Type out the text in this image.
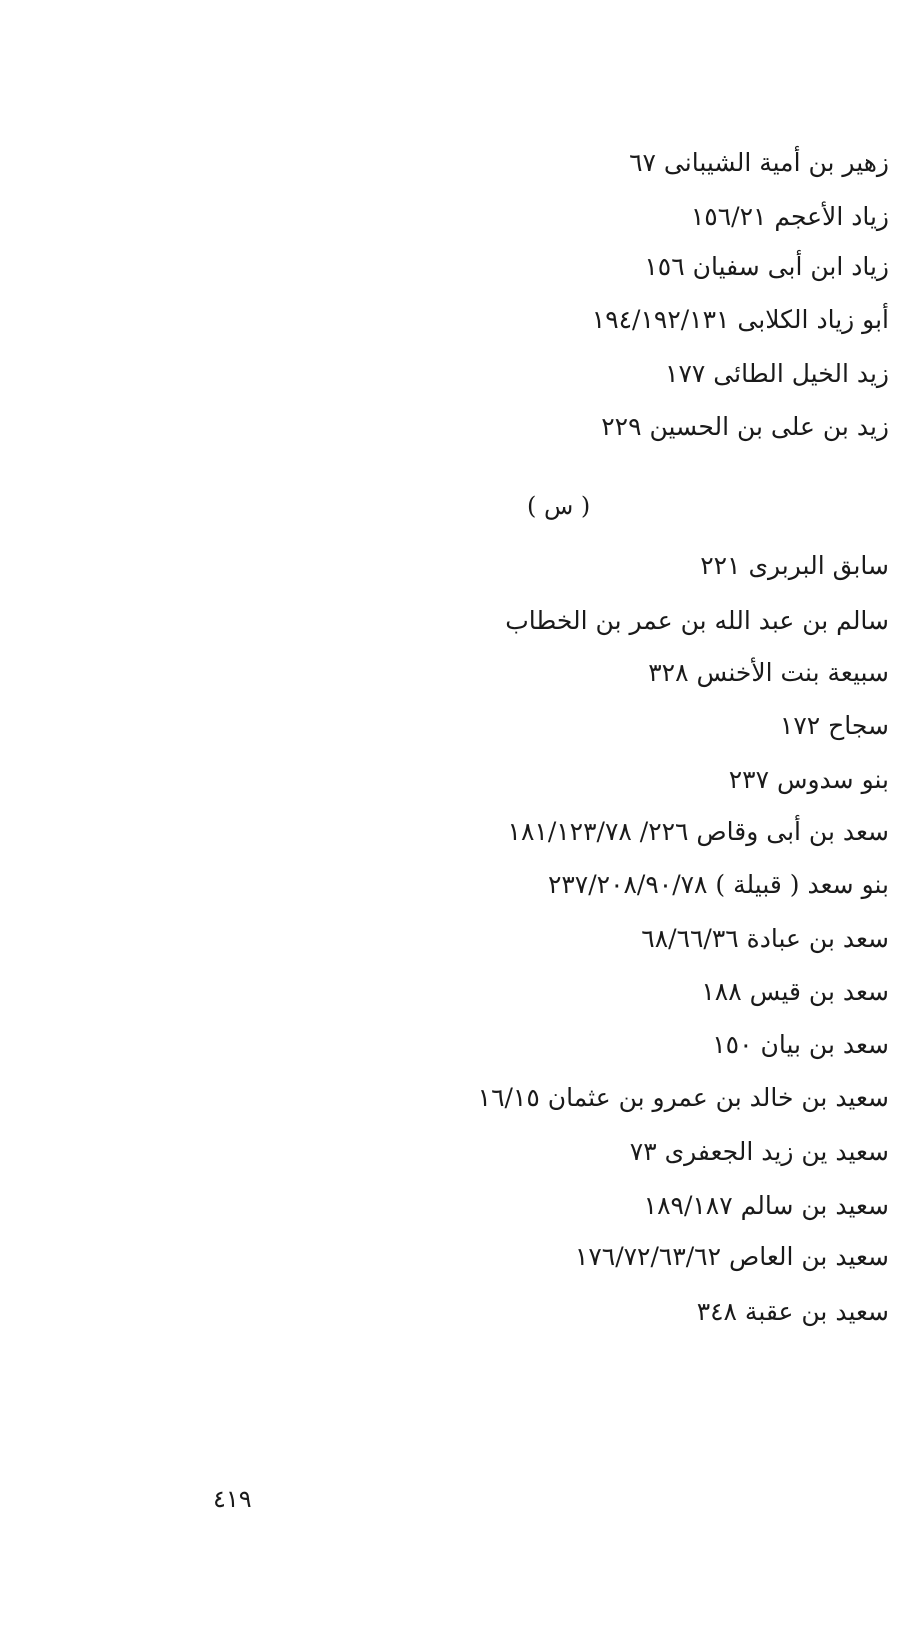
زهير بن أمية الشيبانى ٦٧
زياد الأعجم ١٥٦/٢١
زياد ابن أبى سفيان ١٥٦
أبو زياد الكلابى ١٩٤/١٩٢/١٣١
زيد الخيل الطائى ١٧٧
زيد بن على بن الحسين ٢٢٩
سابق البربرى ٢٢١
سالم بن عبد الله بن عمر بن الخطاب
سبيعة بنت الأخنس ٣٢٨
سجاح ١٧٢
بنو سدوس ٢٣٧
سعد بن أبى وقاص ٢٢٦/ ١٨١/١٢٣/٧٨
بنو سعد ( قبيلة ) ٢٣٧/٢٠٨/٩٠/٧٨
سعد بن عبادة ٦٨/٦٦/٣٦
سعد بن قيس ١٨٨
سعد بن بيان ١٥٠
سعيد بن خالد بن عمرو بن عثمان ١٦/١٥
سعيد ين زيد الجعفرى ٧٣
سعيد بن سالم ١٨٩/١٨٧
سعيد بن العاص ١٧٦/٧٢/٦٣/٦٢
سعيد بن عقبة ٣٤٨
( س )
٤١٩
